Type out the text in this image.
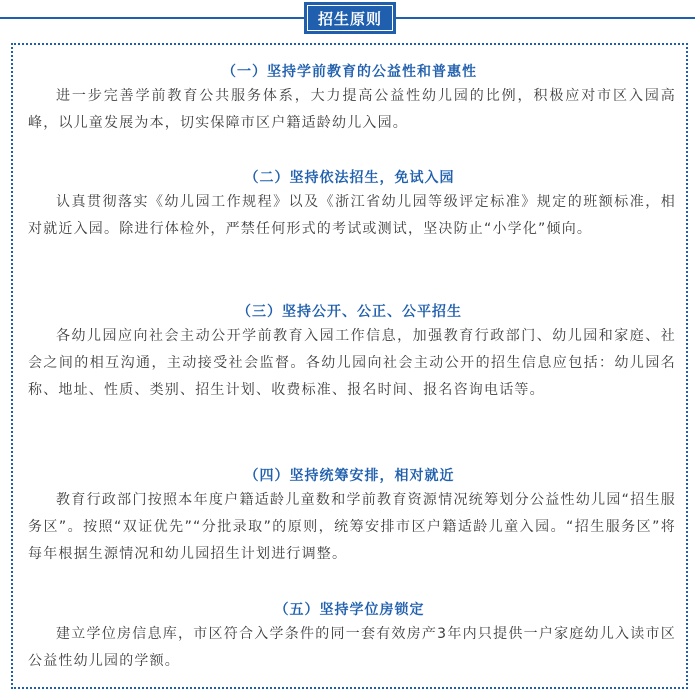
招生原则
（一）坚持学前教育的公益性和普惠性
进一步完善学前教育公共服务体系，大力提高公益性幼儿园的比例，积极应对市区入园高峰，以儿童发展为本，切实保障市区户籍适龄幼儿入园。
（二）坚持依法招生，免试入园
认真贯彻落实《幼儿园工作规程》以及《浙江省幼儿园等级评定标准》规定的班额标准，相对就近入园。除进行体检外，严禁任何形式的考试或测试，坚决防止“小学化”倾向。
（三）坚持公开、公正、公平招生
各幼儿园应向社会主动公开学前教育入园工作信息，加强教育行政部门、幼儿园和家庭、社会之间的相互沟通，主动接受社会监督。各幼儿园向社会主动公开的招生信息应包括：幼儿园名称、地址、性质、类别、招生计划、收费标准、报名时间、报名咨询电话等。
（四）坚持统筹安排，相对就近
教育行政部门按照本年度户籍适龄儿童数和学前教育资源情况统筹划分公益性幼儿园“招生服务区”。按照“双证优先”“分批录取”的原则，统筹安排市区户籍适龄儿童入园。“招生服务区”将每年根据生源情况和幼儿园招生计划进行调整。
（五）坚持学位房锁定
建立学位房信息库，市区符合入学条件的同一套有效房产3年内只提供一户家庭幼儿入读市区公益性幼儿园的学额。
